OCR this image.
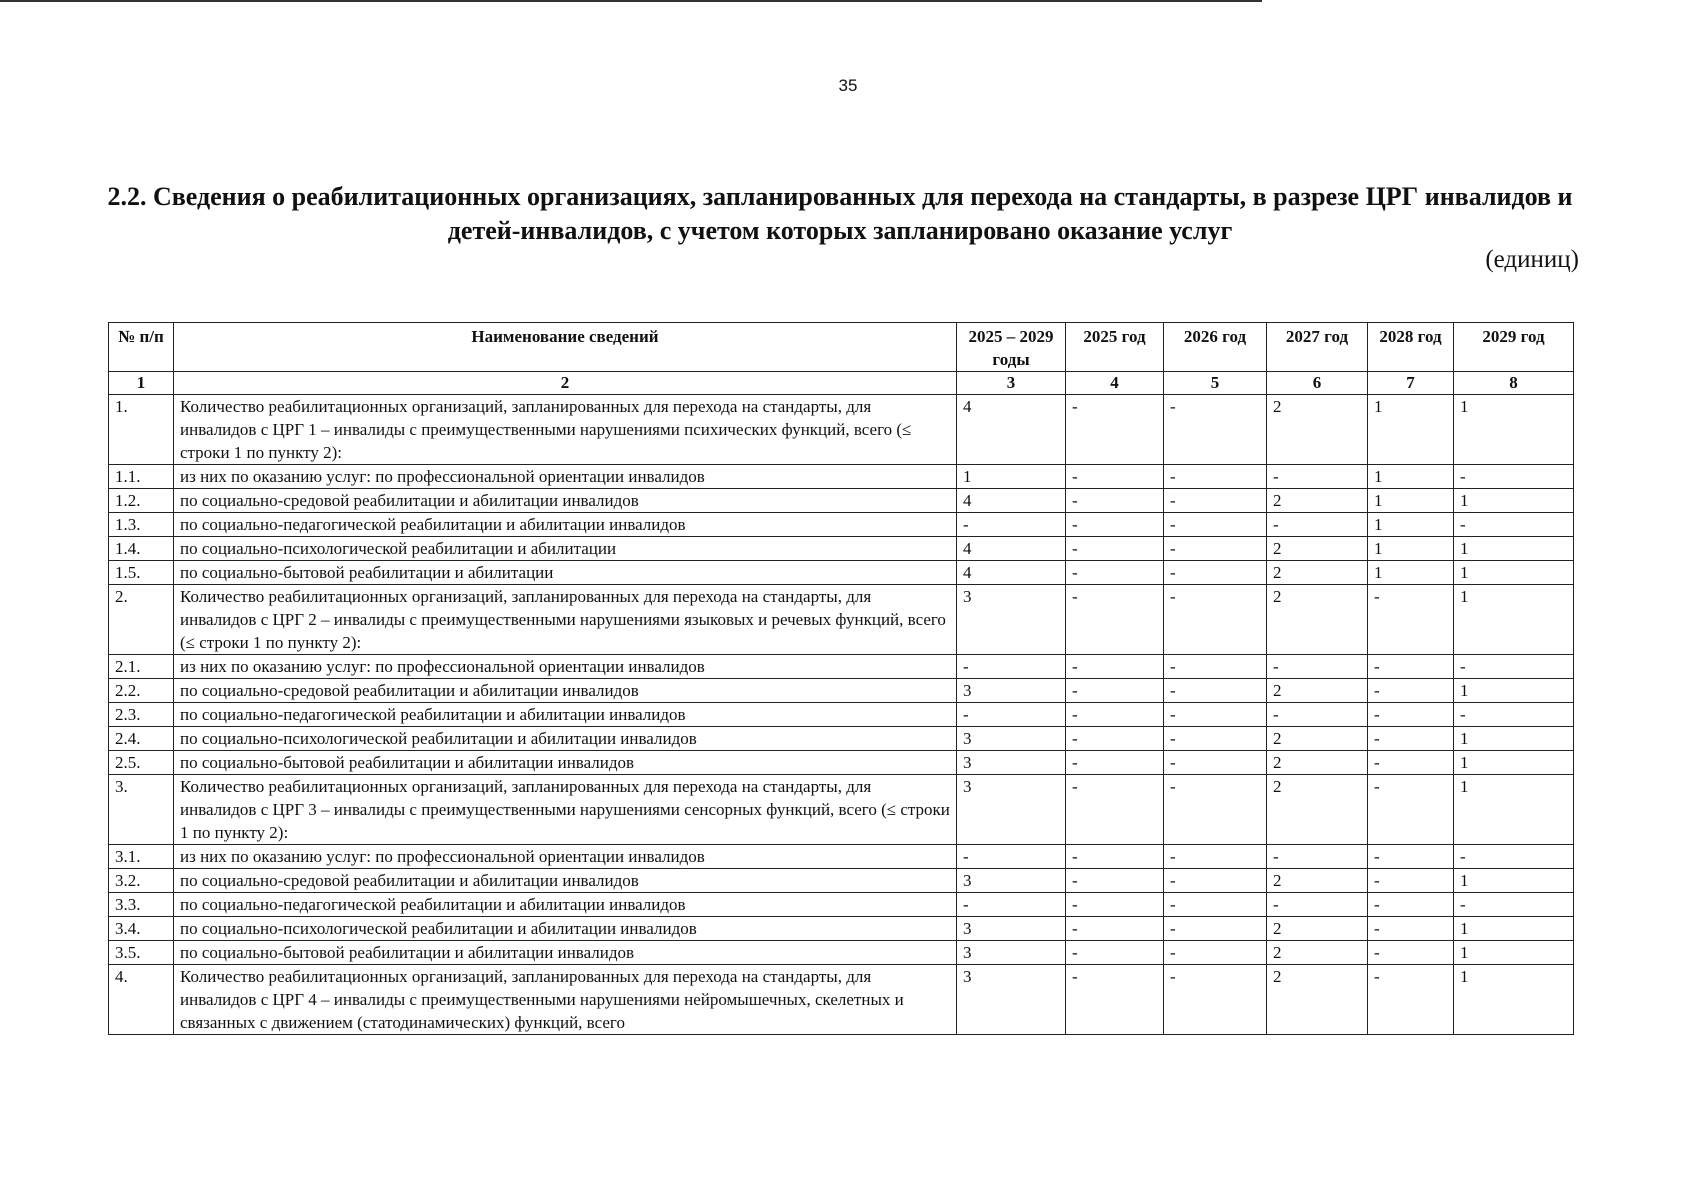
35
2.2. Сведения о реабилитационных организациях, запланированных для перехода на стандарты, в разрезе ЦРГ инвалидов и детей-инвалидов, с учетом которых запланировано оказание услуг
(единиц)
№ п/п	Наименование сведений	2025 – 2029 годы	2025 год	2026 год	2027 год	2028 год	2029 год
1	2	3	4	5	6	7	8
1.	Количество реабилитационных организаций, запланированных для перехода на стандарты, для инвалидов с ЦРГ 1 – инвалиды с преимущественными нарушениями психических функций, всего (≤ строки 1 по пункту 2):	4	-	-	2	1	1
1.1.	из них по оказанию услуг: по профессиональной ориентации инвалидов	1	-	-	-	1	-
1.2.	по социально-средовой реабилитации и абилитации инвалидов	4	-	-	2	1	1
1.3.	по социально-педагогической реабилитации и абилитации инвалидов	-	-	-	-	1	-
1.4.	по социально-психологической реабилитации и абилитации	4	-	-	2	1	1
1.5.	по социально-бытовой реабилитации и абилитации	4	-	-	2	1	1
2.	Количество реабилитационных организаций, запланированных для перехода на стандарты, для инвалидов с ЦРГ 2 – инвалиды с преимущественными нарушениями языковых и речевых функций, всего (≤ строки 1 по пункту 2):	3	-	-	2	-	1
2.1.	из них по оказанию услуг: по профессиональной ориентации инвалидов	-	-	-	-	-	-
2.2.	по социально-средовой реабилитации и абилитации инвалидов	3	-	-	2	-	1
2.3.	по социально-педагогической реабилитации и абилитации инвалидов	-	-	-	-	-	-
2.4.	по социально-психологической реабилитации и абилитации инвалидов	3	-	-	2	-	1
2.5.	по социально-бытовой реабилитации и абилитации инвалидов	3	-	-	2	-	1
3.	Количество реабилитационных организаций, запланированных для перехода на стандарты, для инвалидов с ЦРГ 3 – инвалиды с преимущественными нарушениями сенсорных функций, всего (≤ строки 1 по пункту 2):	3	-	-	2	-	1
3.1.	из них по оказанию услуг: по профессиональной ориентации инвалидов	-	-	-	-	-	-
3.2.	по социально-средовой реабилитации и абилитации инвалидов	3	-	-	2	-	1
3.3.	по социально-педагогической реабилитации и абилитации инвалидов	-	-	-	-	-	-
3.4.	по социально-психологической реабилитации и абилитации инвалидов	3	-	-	2	-	1
3.5.	по социально-бытовой реабилитации и абилитации инвалидов	3	-	-	2	-	1
4.	Количество реабилитационных организаций, запланированных для перехода на стандарты, для инвалидов с ЦРГ 4 – инвалиды с преимущественными нарушениями нейромышечных, скелетных и связанных с движением (статодинамических) функций, всего	3	-	-	2	-	1
